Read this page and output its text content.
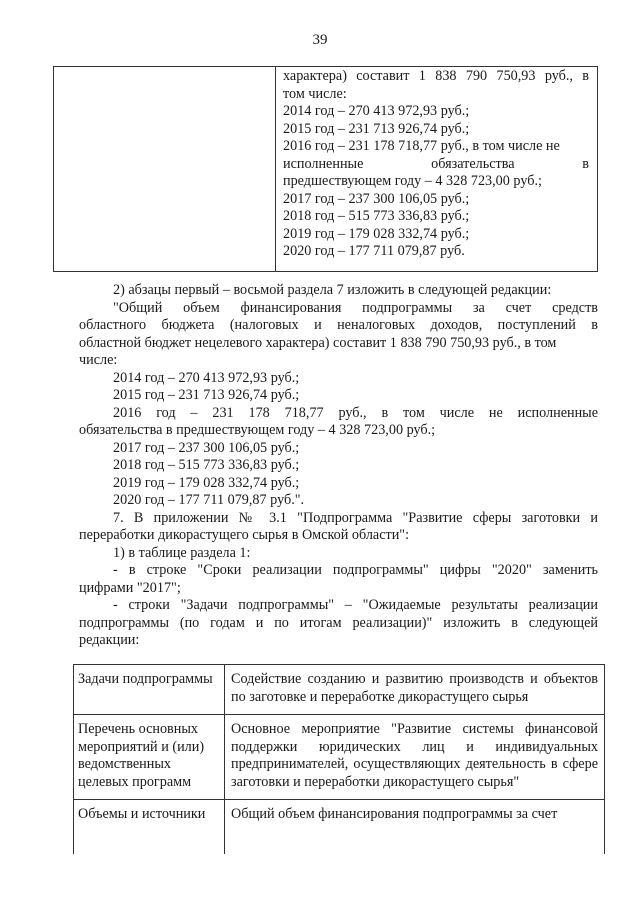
39
характера) составит 1 838 790 750,93 руб., в
том числе:
2014 год – 270 413 972,93 руб.;
2015 год – 231 713 926,74 руб.;
2016 год – 231 178 718,77 руб., в том числе не
исполненные обязательства в
предшествующем году – 4 328 723,00 руб.;
2017 год – 237 300 106,05 руб.;
2018 год – 515 773 336,83 руб.;
2019 год – 179 028 332,74 руб.;
2020 год – 177 711 079,87 руб.

2) абзацы первый – восьмой раздела 7 изложить в следующей редакции:

"Общий объем финансирования подпрограммы за счет средств

областного бюджета (налоговых и неналоговых доходов, поступлений в

областной бюджет нецелевого характера) составит 1 838 790 750,93 руб., в том

числе:

2014 год – 270 413 972,93 руб.;

2015 год – 231 713 926,74 руб.;

2016 год – 231 178 718,77 руб., в том числе не исполненные

обязательства в предшествующем году – 4 328 723,00 руб.;

2017 год – 237 300 106,05 руб.;

2018 год – 515 773 336,83 руб.;

2019 год – 179 028 332,74 руб.;

2020 год – 177 711 079,87 руб.".

7. В приложении № 3.1 "Подпрограмма "Развитие сферы заготовки и

переработки дикорастущего сырья в Омской области":

1) в таблице раздела 1:

- в строке "Сроки реализации подпрограммы" цифры "2020" заменить

цифрами "2017";

- строки "Задачи подпрограммы" – "Ожидаемые результаты реализации

подпрограммы (по годам и по итогам реализации)" изложить в следующей

редакции:

Задачи подпрограммы	Содействие созданию и развитию производств и объектов по заготовке и переработке дикорастущего сырья
Перечень основных мероприятий и (или) ведомственных целевых программ	Основное мероприятие "Развитие системы финансовой поддержки юридических лиц и индивидуальных предпринимателей, осуществляющих деятельность в сфере заготовки и переработки дикорастущего сырья"
Объемы и источники	Общий объем финансирования подпрограммы за счет
